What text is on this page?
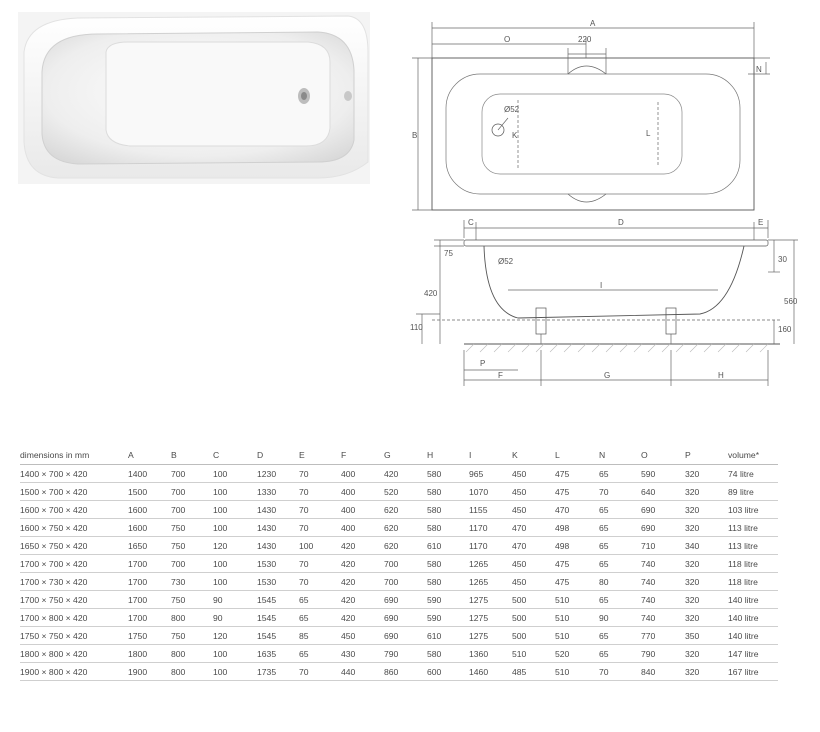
A
O	220
N
B
Ø52
K	L
C	D	E
75
Ø52
420
I
30
560
110	160
P
F	G	H
dimensions in mm	A	B	C	D	E	F	G	H	I	K	L	N	O	P	volume*
1400 × 700 × 420	1400	700	100	1230	70	400	420	580	965	450	475	65	590	320	74 litre
1500 × 700 × 420	1500	700	100	1330	70	400	520	580	1070	450	475	70	640	320	89 litre
1600 × 700 × 420	1600	700	100	1430	70	400	620	580	1155	450	470	65	690	320	103 litre
1600 × 750 × 420	1600	750	100	1430	70	400	620	580	1170	470	498	65	690	320	113 litre
1650 × 750 × 420	1650	750	120	1430	100	420	620	610	1170	470	498	65	710	340	113 litre
1700 × 700 × 420	1700	700	100	1530	70	420	700	580	1265	450	475	65	740	320	118 litre
1700 × 730 × 420	1700	730	100	1530	70	420	700	580	1265	450	475	80	740	320	118 litre
1700 × 750 × 420	1700	750	90	1545	65	420	690	590	1275	500	510	65	740	320	140 litre
1700 × 800 × 420	1700	800	90	1545	65	420	690	590	1275	500	510	90	740	320	140 litre
1750 × 750 × 420	1750	750	120	1545	85	450	690	610	1275	500	510	65	770	350	140 litre
1800 × 800 × 420	1800	800	100	1635	65	430	790	580	1360	510	520	65	790	320	147 litre
1900 × 800 × 420	1900	800	100	1735	70	440	860	600	1460	485	510	70	840	320	167 litre
